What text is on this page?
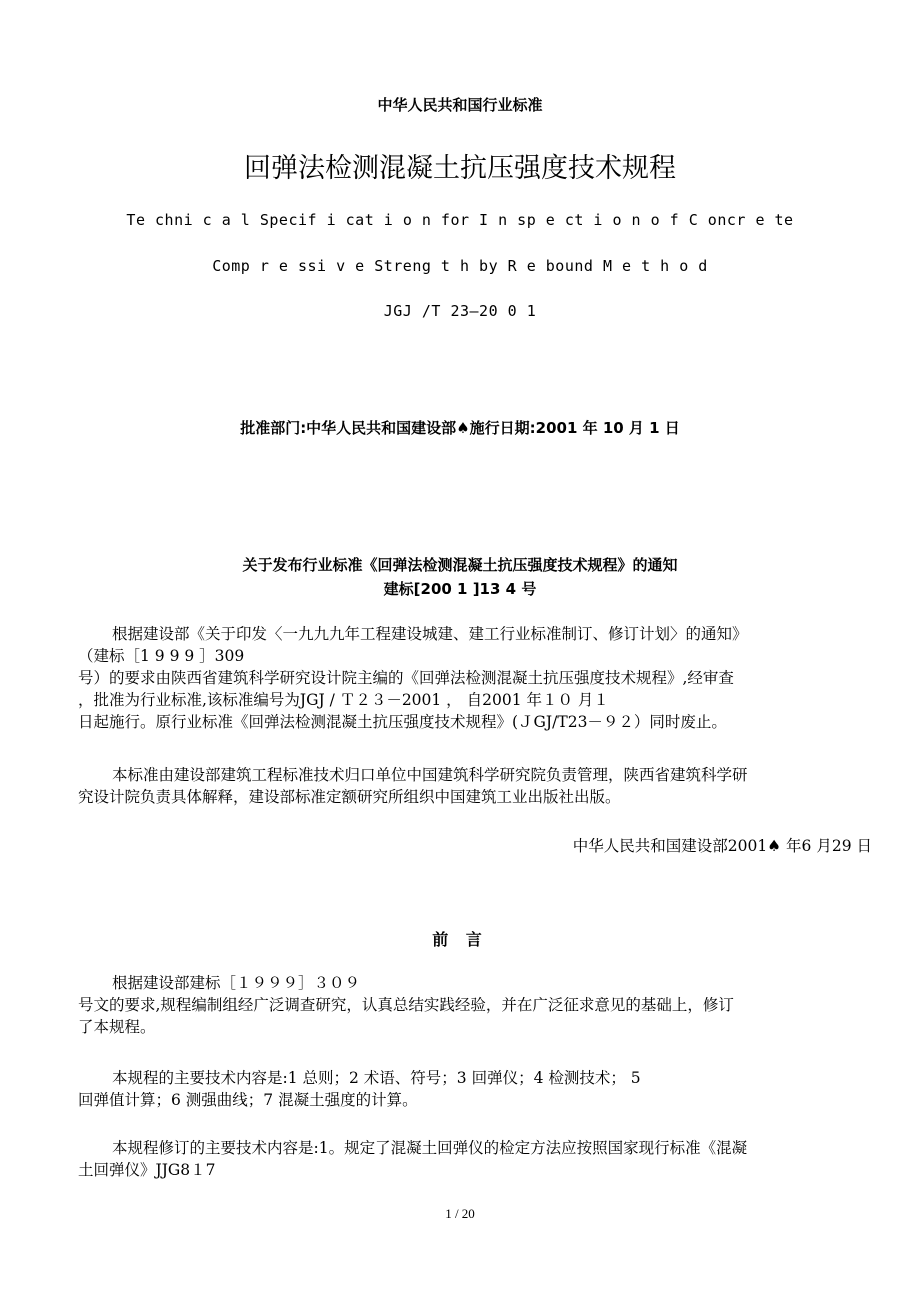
中华人民共和国行业标准
回弹法检测混凝土抗压强度技术规程
Te chni c a l Specif i cat i o n for I n sp e ct i o n o f C oncr e te
Comp r e ssi v e Streng t h by R e bound M e t h o d
JGJ /T 23—20 0 1
批准部门:中华人民共和国建设部♠施行日期:2001 年 10 月 1 日
关于发布行业标准《回弹法检测混凝土抗压强度技术规程》的通知
建标[200 1 ]13 4 号
根据建设部《关于印发〈一九九九年工程建设城建、建工行业标准制订、修订计划〉的通知》
（建标［1 9 9 9 ］309
号）的要求由陕西省建筑科学研究设计院主编的《回弹法检测混凝土抗压强度技术规程》,经审查
，批准为行业标准,该标准编号为JGJ / Ｔ２３－2001 ， 自2001 年１０ 月１
日起施行。原行业标准《回弹法检测混凝土抗压强度技术规程》(ＪGJ/T23－９２）同时废止。
本标准由建设部建筑工程标准技术归口单位中国建筑科学研究院负责管理，陕西省建筑科学研
究设计院负责具体解释，建设部标准定额研究所组织中国建筑工业出版社出版。
中华人民共和国建设部2001♠ 年6 月29 日
前 言
根据建设部建标［１９９９］３０９
号文的要求,规程编制组经广泛调查研究，认真总结实践经验，并在广泛征求意见的基础上，修订
了本规程。
本规程的主要技术内容是:1 总则；2 术语、符号；3 回弹仪；4 检测技术； 5
回弹值计算；6 测强曲线；7 混凝土强度的计算。
本规程修订的主要技术内容是:1。规定了混凝土回弹仪的检定方法应按照国家现行标准《混凝
土回弹仪》JJG8１7
1 / 20
